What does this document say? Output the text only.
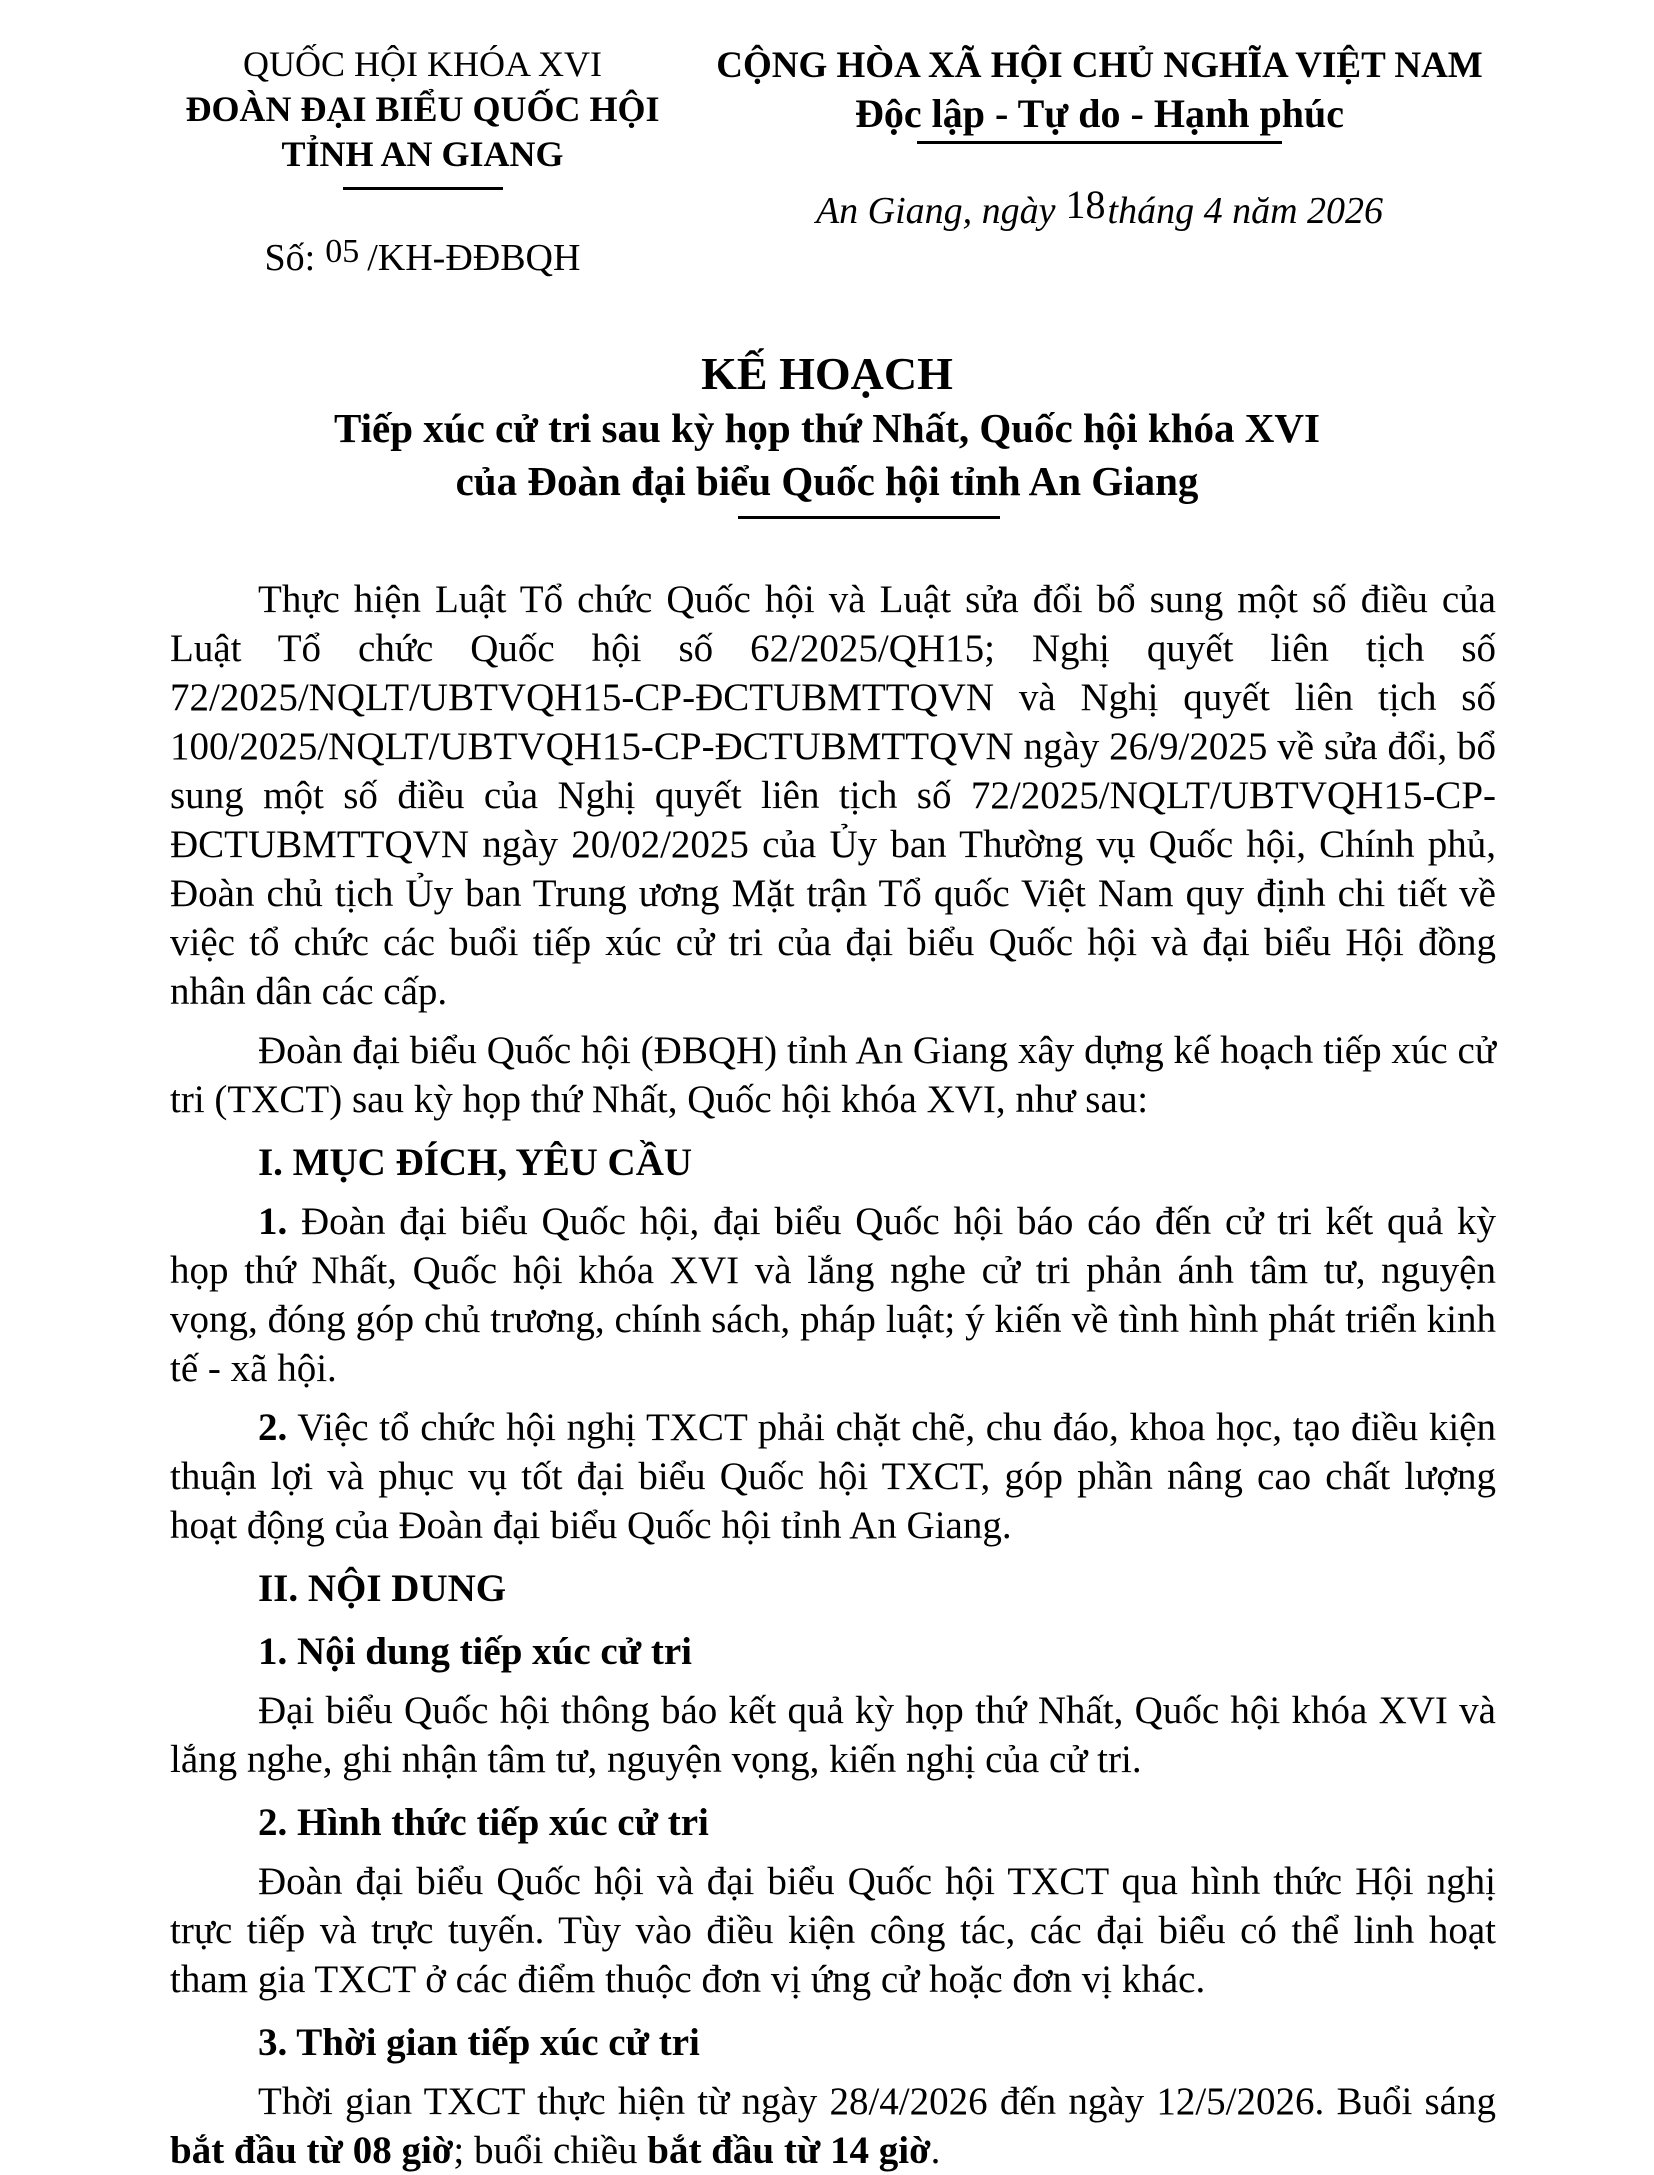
QUỐC HỘI KHÓA XVI
ĐOÀN ĐẠI BIỂU QUỐC HỘI
TỈNH AN GIANG
Số: 05 /KH-ĐĐBQH
CỘNG HÒA XÃ HỘI CHỦ NGHĨA VIỆT NAM
Độc lập - Tự do - Hạnh phúc
An Giang, ngày 18tháng 4 năm 2026
KẾ HOẠCH
Tiếp xúc cử tri sau kỳ họp thứ Nhất, Quốc hội khóa XVI
của Đoàn đại biểu Quốc hội tỉnh An Giang

Thực hiện Luật Tổ chức Quốc hội và Luật sửa đổi bổ sung một số điều của Luật Tổ chức Quốc hội số 62/2025/QH15; Nghị quyết liên tịch số 72/2025/NQLT/UBTVQH15-CP-ĐCTUBMTTQVN và Nghị quyết liên tịch số 100/2025/NQLT/UBTVQH15-CP-ĐCTUBMTTQVN ngày 26/9/2025 về sửa đổi, bổ sung một số điều của Nghị quyết liên tịch số 72/2025/NQLT/UBTVQH15-CP-ĐCTUBMTTQVN ngày 20/02/2025 của Ủy ban Thường vụ Quốc hội, Chính phủ, Đoàn chủ tịch Ủy ban Trung ương Mặt trận Tổ quốc Việt Nam quy định chi tiết về việc tổ chức các buổi tiếp xúc cử tri của đại biểu Quốc hội và đại biểu Hội đồng nhân dân các cấp.

Đoàn đại biểu Quốc hội (ĐBQH) tỉnh An Giang xây dựng kế hoạch tiếp xúc cử tri (TXCT) sau kỳ họp thứ Nhất, Quốc hội khóa XVI, như sau:

I. MỤC ĐÍCH, YÊU CẦU

1. Đoàn đại biểu Quốc hội, đại biểu Quốc hội báo cáo đến cử tri kết quả kỳ họp thứ Nhất, Quốc hội khóa XVI và lắng nghe cử tri phản ánh tâm tư, nguyện vọng, đóng góp chủ trương, chính sách, pháp luật; ý kiến về tình hình phát triển kinh tế - xã hội.

2. Việc tổ chức hội nghị TXCT phải chặt chẽ, chu đáo, khoa học, tạo điều kiện thuận lợi và phục vụ tốt đại biểu Quốc hội TXCT, góp phần nâng cao chất lượng hoạt động của Đoàn đại biểu Quốc hội tỉnh An Giang.

II. NỘI DUNG

1. Nội dung tiếp xúc cử tri

Đại biểu Quốc hội thông báo kết quả kỳ họp thứ Nhất, Quốc hội khóa XVI và lắng nghe, ghi nhận tâm tư, nguyện vọng, kiến nghị của cử tri.

2. Hình thức tiếp xúc cử tri

Đoàn đại biểu Quốc hội và đại biểu Quốc hội TXCT qua hình thức Hội nghị trực tiếp và trực tuyến. Tùy vào điều kiện công tác, các đại biểu có thể linh hoạt tham gia TXCT ở các điểm thuộc đơn vị ứng cử hoặc đơn vị khác.

3. Thời gian tiếp xúc cử tri

Thời gian TXCT thực hiện từ ngày 28/4/2026 đến ngày 12/5/2026. Buổi sáng bắt đầu từ 08 giờ; buổi chiều bắt đầu từ 14 giờ.
